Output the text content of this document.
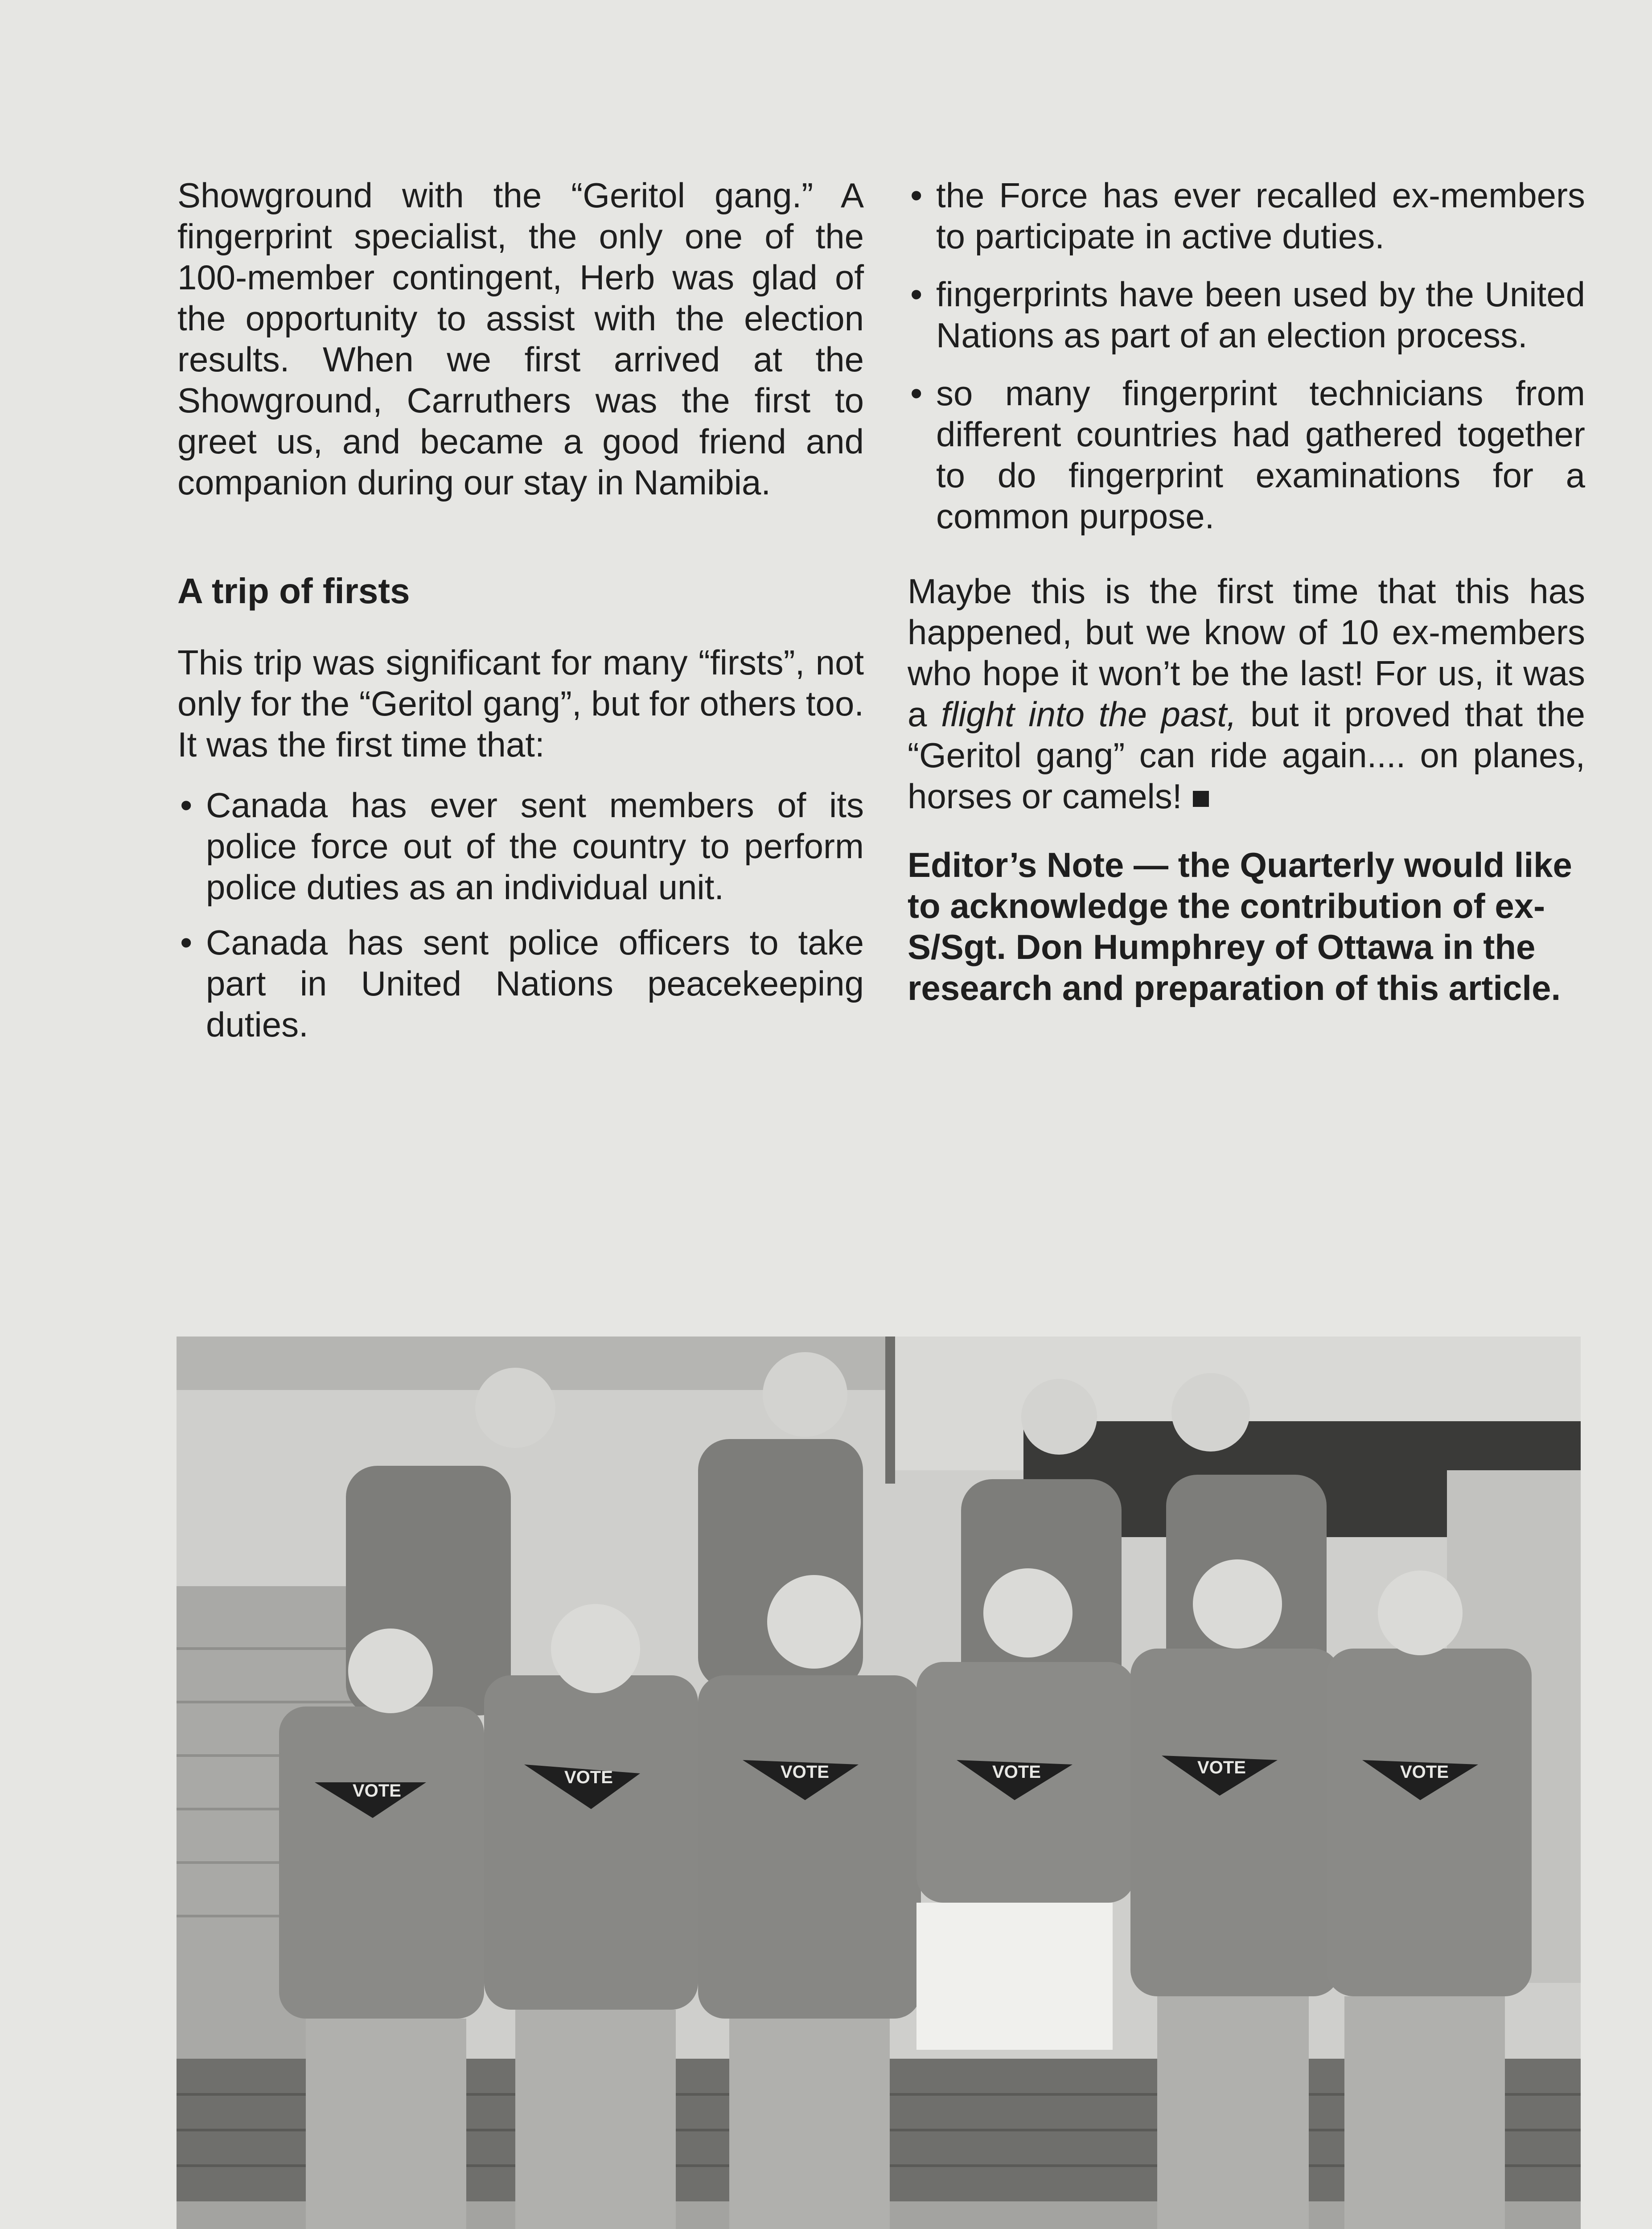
Showground with the “Geritol gang.” A fingerprint specialist, the only one of the 100-member contingent, Herb was glad of the opportunity to assist with the election results. When we first arrived at the Showground, Carruthers was the first to greet us, and became a good friend and companion during our stay in Namibia.

A trip of firsts

This trip was significant for many “firsts”, not only for the “Geritol gang”, but for others too. It was the first time that:

• Canada has ever sent members of its police force out of the country to perform police duties as an individual unit.
• Canada has sent police officers to take part in United Nations peacekeeping duties.
• the Force has ever recalled ex-members to participate in active duties.
• fingerprints have been used by the United Nations as part of an election process.
• so many fingerprint technicians from different countries had gathered together to do fingerprint examinations for a common purpose.

Maybe this is the first time that this has happened, but we know of 10 ex-members who hope it won’t be the last! For us, it was a flight into the past, but it proved that the “Geritol gang” can ride again.... on planes, horses or camels!

Editor’s Note — the Quarterly would like to acknowledge the contribution of ex-S/Sgt. Don Humphrey of Ottawa in the research and preparation of this article.

VOTE
VOTE	VOTE	VOTE	VOTE	VOTE
